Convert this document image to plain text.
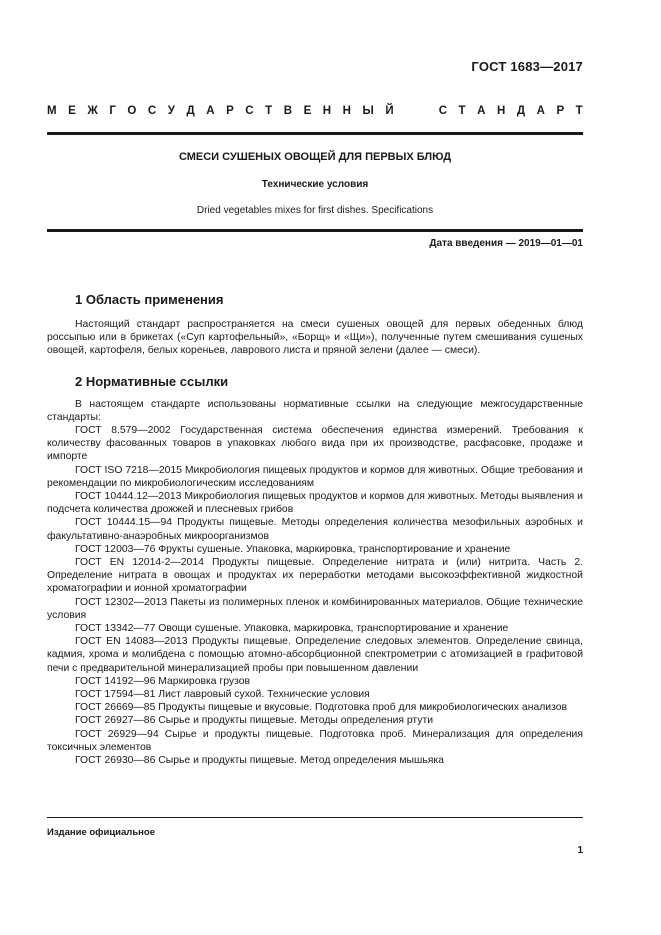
ГОСТ 1683—2017
М Е Ж Г О С У Д А Р С Т В Е Н Н Ы Й	С Т А Н Д А Р Т
СМЕСИ СУШЕНЫХ ОВОЩЕЙ ДЛЯ ПЕРВЫХ БЛЮД
Технические условия
Dried vegetables mixes for first dishes. Specifications
Дата введения — 2019—01—01
1 Область применения
Настоящий стандарт распространяется на смеси сушеных овощей для первых обеденных блюд россыпью или в брикетах («Суп картофельный», «Борщ» и «Щи»), полученные путем смешивания сушеных овощей, картофеля, белых кореньев, лаврового листа и пряной зелени (далее — смеси).
2 Нормативные ссылки
В настоящем стандарте использованы нормативные ссылки на следующие межгосударственные стандарты:
ГОСТ 8.579—2002 Государственная система обеспечения единства измерений. Требования к количеству фасованных товаров в упаковках любого вида при их производстве, расфасовке, продаже и импорте
ГОСТ ISO 7218—2015 Микробиология пищевых продуктов и кормов для животных. Общие требования и рекомендации по микробиологическим исследованиям
ГОСТ 10444.12—2013 Микробиология пищевых продуктов и кормов для животных. Методы выявления и подсчета количества дрожжей и плесневых грибов
ГОСТ 10444.15—94 Продукты пищевые. Методы определения количества мезофильных аэробных и факультативно-анаэробных микроорганизмов
ГОСТ 12003—76 Фрукты сушеные. Упаковка, маркировка, транспортирование и хранение
ГОСТ EN 12014-2—2014 Продукты пищевые. Определение нитрата и (или) нитрита. Часть 2. Определение нитрата в овощах и продуктах их переработки методами высокоэффективной жидкостной хроматографии и ионной хроматографии
ГОСТ 12302—2013 Пакеты из полимерных пленок и комбинированных материалов. Общие технические условия
ГОСТ 13342—77 Овощи сушеные. Упаковка, маркировка, транспортирование и хранение
ГОСТ EN 14083—2013 Продукты пищевые. Определение следовых элементов. Определение свинца, кадмия, хрома и молибдена с помощью атомно-абсорбционной спектрометрии с атомизацией в графитовой печи с предварительной минерализацией пробы при повышенном давлении
ГОСТ 14192—96 Маркировка грузов
ГОСТ 17594—81 Лист лавровый сухой. Технические условия
ГОСТ 26669—85 Продукты пищевые и вкусовые. Подготовка проб для микробиологических анализов
ГОСТ 26927—86 Сырье и продукты пищевые. Методы определения ртути
ГОСТ 26929—94 Сырье и продукты пищевые. Подготовка проб. Минерализация для определения токсичных элементов
ГОСТ 26930—86 Сырье и продукты пищевые. Метод определения мышьяка
Издание официальное
1
